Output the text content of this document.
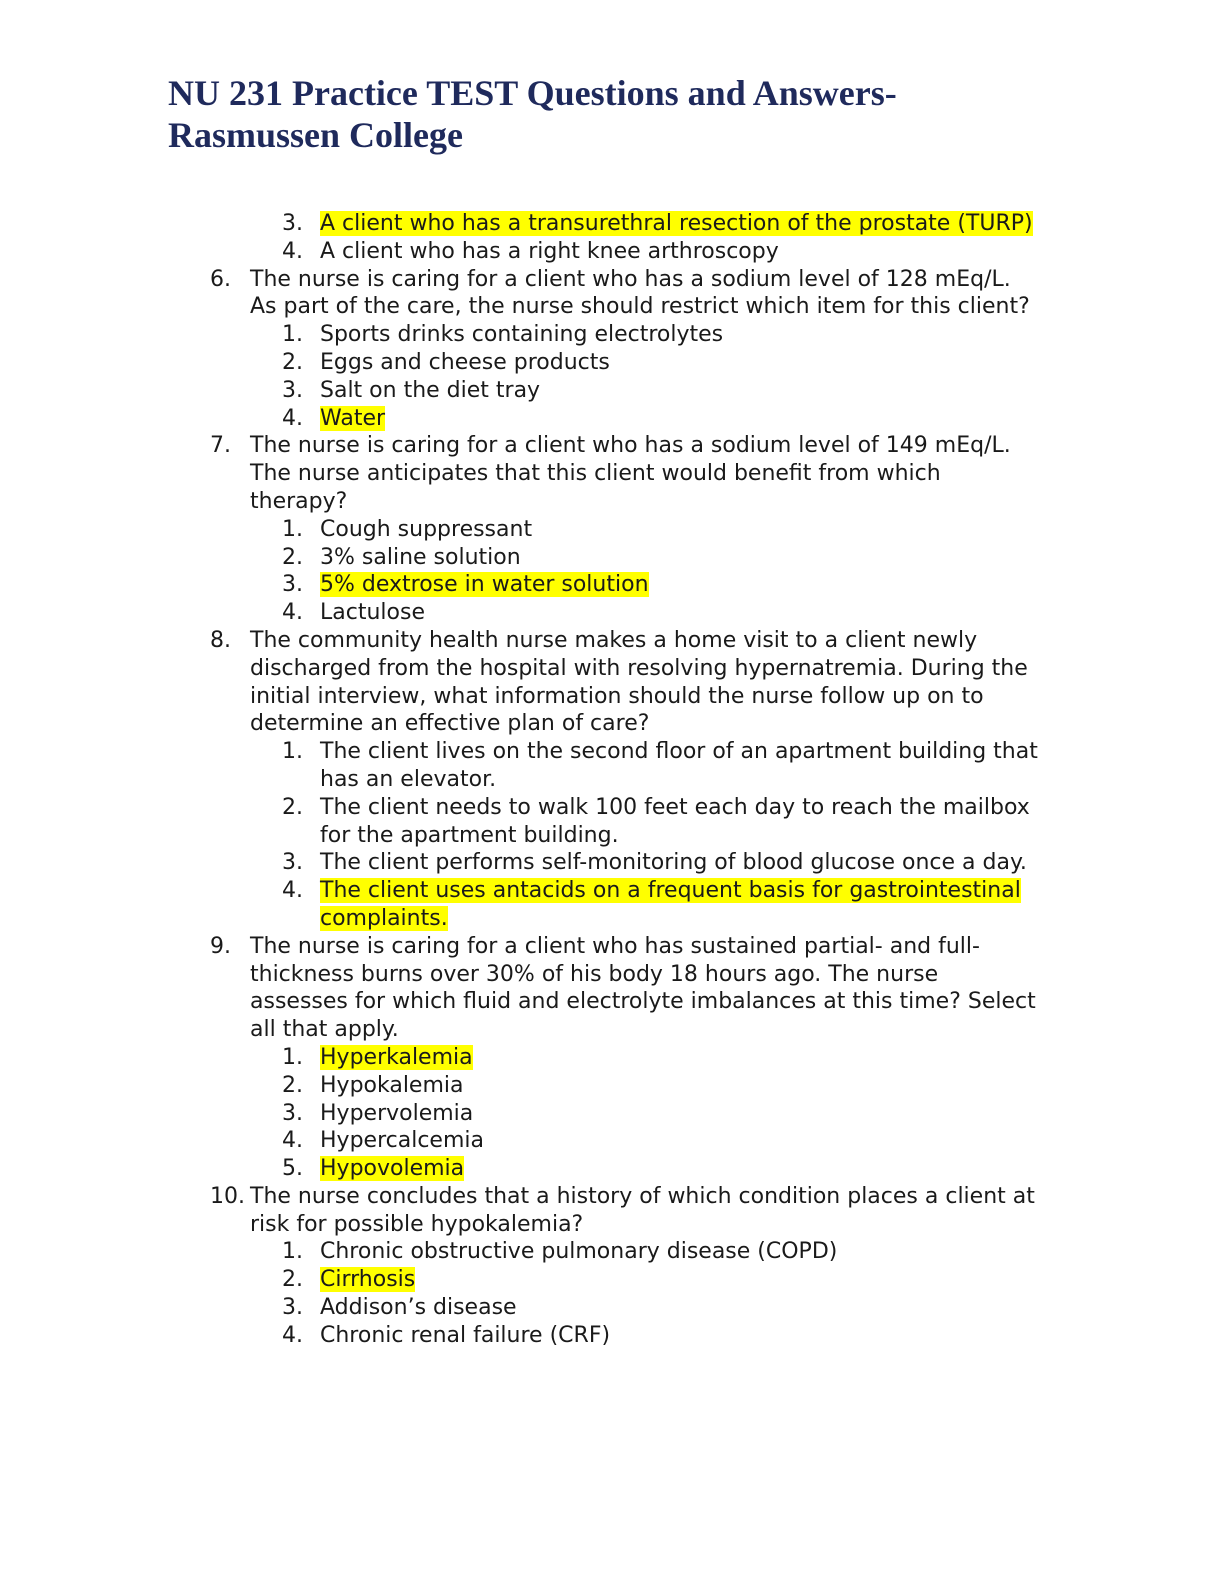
NU 231 Practice TEST Questions and Answers-
Rasmussen College
3. A client who has a transurethral resection of the prostate (TURP)
4. A client who has a right knee arthroscopy
6. The nurse is caring for a client who has a sodium level of 128 mEq/L. As part of the care, the nurse should restrict which item for this client?
1. Sports drinks containing electrolytes
2. Eggs and cheese products
3. Salt on the diet tray
4. Water
7. The nurse is caring for a client who has a sodium level of 149 mEq/L. The nurse anticipates that this client would benefit from which therapy?
1. Cough suppressant
2. 3% saline solution
3. 5% dextrose in water solution
4. Lactulose
8. The community health nurse makes a home visit to a client newly discharged from the hospital with resolving hypernatremia. During the initial interview, what information should the nurse follow up on to determine an effective plan of care?
1. The client lives on the second floor of an apartment building that has an elevator.
2. The client needs to walk 100 feet each day to reach the mailbox for the apartment building.
3. The client performs self-monitoring of blood glucose once a day.
4. The client uses antacids on a frequent basis for gastrointestinal complaints.
9. The nurse is caring for a client who has sustained partial- and full-thickness burns over 30% of his body 18 hours ago. The nurse assesses for which fluid and electrolyte imbalances at this time? Select all that apply.
1. Hyperkalemia
2. Hypokalemia
3. Hypervolemia
4. Hypercalcemia
5. Hypovolemia
10. The nurse concludes that a history of which condition places a client at risk for possible hypokalemia?
1. Chronic obstructive pulmonary disease (COPD)
2. Cirrhosis
3. Addison’s disease
4. Chronic renal failure (CRF)
